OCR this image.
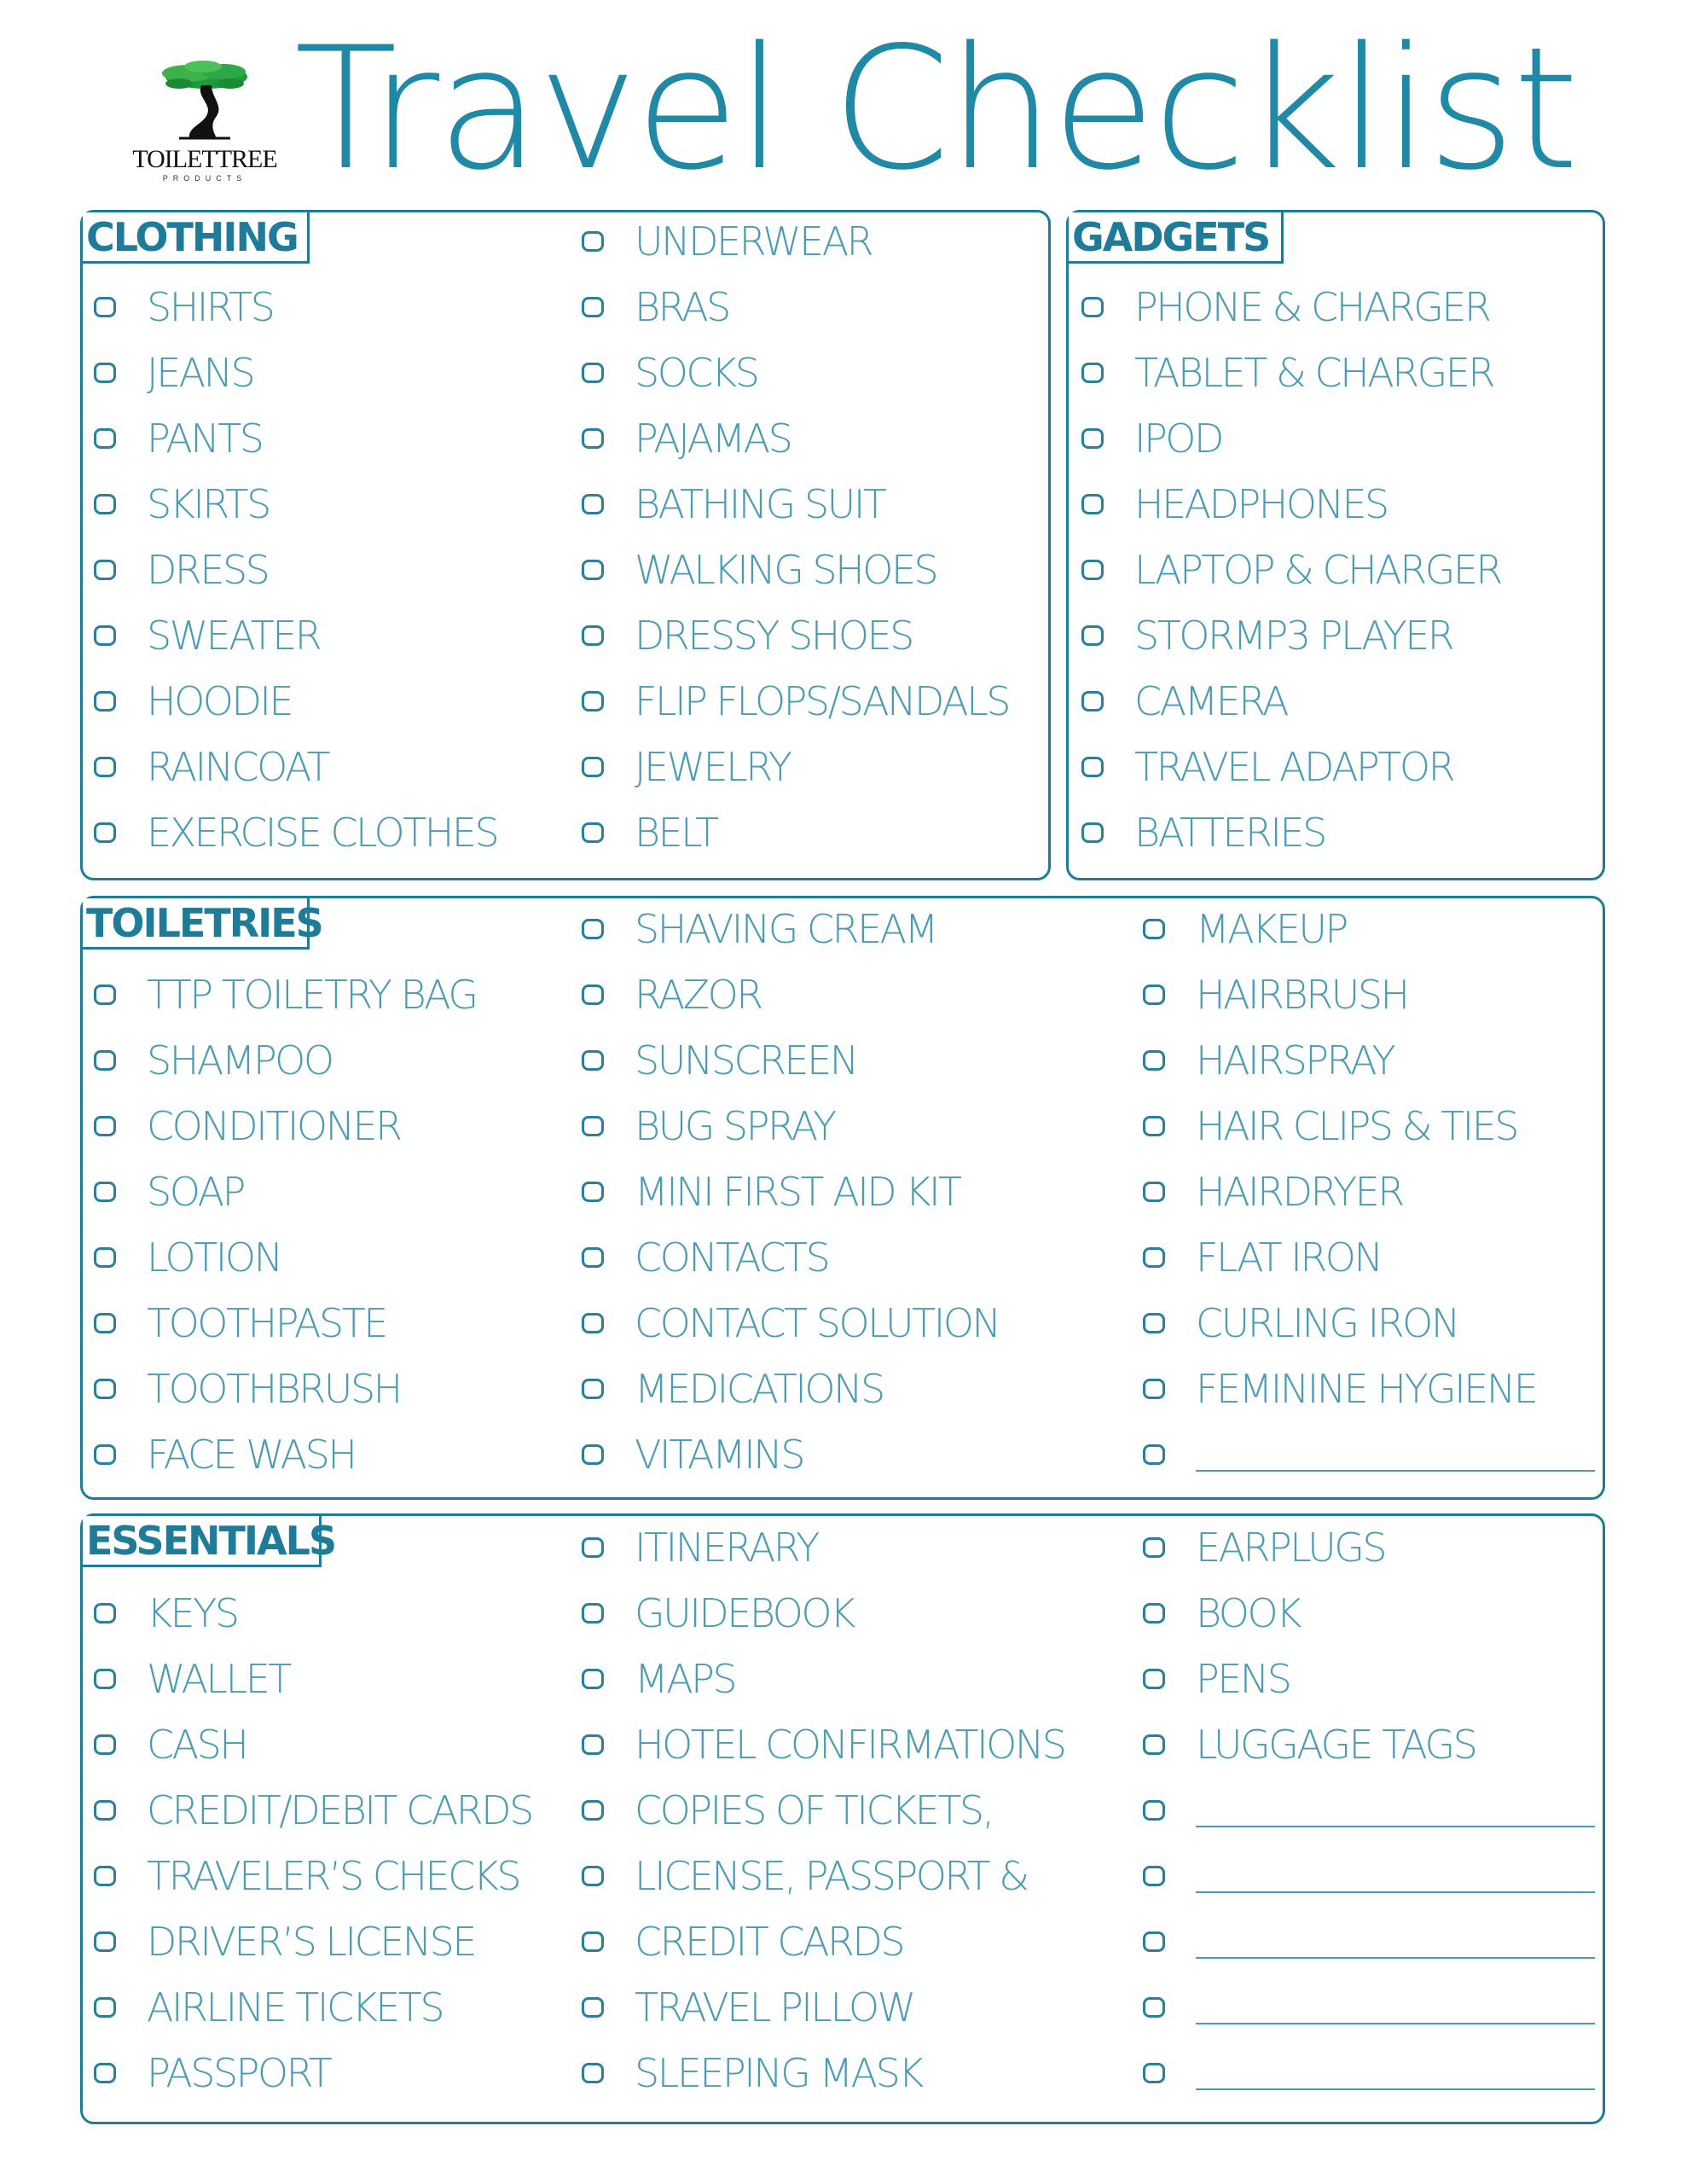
TOILETTREE
PRODUCTS Travel Checklist
CLOTHING	GADGETS
TOILETRIES
ESSENTIALS
SHIRTS
JEANS
PANTS
SKIRTS
DRESS
SWEATER
HOODIE
RAINCOAT
EXERCISE CLOTHES
UNDERWEAR
BRAS
SOCKS
PAJAMAS
BATHING SUIT
WALKING SHOES
DRESSY SHOES
FLIP FLOPS/SANDALS
JEWELRY
BELT
PHONE & CHARGER
TABLET & CHARGER
IPOD
HEADPHONES
LAPTOP & CHARGER
STORMP3 PLAYER
CAMERA
TRAVEL ADAPTOR
BATTERIES
TTP TOILETRY BAG
SHAMPOO
CONDITIONER
SOAP
LOTION
TOOTHPASTE
TOOTHBRUSH
FACE WASH
SHAVING CREAM
RAZOR
SUNSCREEN
BUG SPRAY
MINI FIRST AID KIT
CONTACTS
CONTACT SOLUTION
MEDICATIONS
VITAMINS
MAKEUP
HAIRBRUSH
HAIRSPRAY
HAIR CLIPS & TIES
HAIRDRYER
FLAT IRON
CURLING IRON
FEMININE HYGIENE
KEYS
WALLET
CASH
CREDIT/DEBIT CARDS
TRAVELER’S CHECKS
DRIVER’S LICENSE
AIRLINE TICKETS
PASSPORT
ITINERARY
GUIDEBOOK
MAPS
HOTEL CONFIRMATIONS
COPIES OF TICKETS,
LICENSE, PASSPORT &
CREDIT CARDS
TRAVEL PILLOW
SLEEPING MASK
EARPLUGS
BOOK
PENS
LUGGAGE TAGS
